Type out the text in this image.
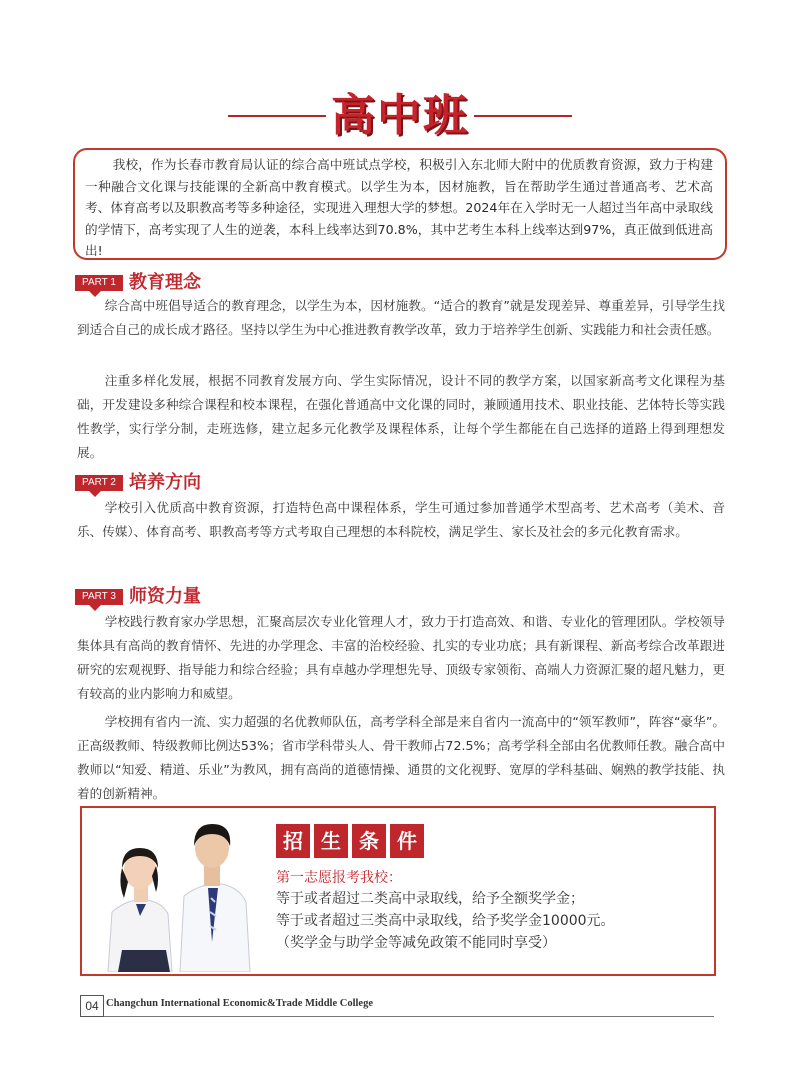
高中班

我校，作为长春市教育局认证的综合高中班试点学校，积极引入东北师大附中的优质教育资源，致力于构建一种融合文化课与技能课的全新高中教育模式。以学生为本，因材施教，旨在帮助学生通过普通高考、艺术高考、体育高考以及职教高考等多种途径，实现进入理想大学的梦想。2024年在入学时无一人超过当年高中录取线的学情下，高考实现了人生的逆袭，本科上线率达到70.8%，其中艺考生本科上线率达到97%，真正做到低进高出!

PART 1 教育理念

综合高中班倡导适合的教育理念，以学生为本，因材施教。“适合的教育”就是发现差异、尊重差异，引导学生找到适合自己的成长成才路径。坚持以学生为中心推进教育教学改革，致力于培养学生创新、实践能力和社会责任感。

注重多样化发展，根据不同教育发展方向、学生实际情况，设计不同的教学方案，以国家新高考文化课程为基础，开发建设多种综合课程和校本课程，在强化普通高中文化课的同时，兼顾通用技术、职业技能、艺体特长等实践性教学，实行学分制，走班选修，建立起多元化教学及课程体系，让每个学生都能在自己选择的道路上得到理想发展。

PART 2 培养方向

学校引入优质高中教育资源，打造特色高中课程体系，学生可通过参加普通学术型高考、艺术高考（美术、音乐、传媒）、体育高考、职教高考等方式考取自己理想的本科院校，满足学生、家长及社会的多元化教育需求。

PART 3 师资力量

学校践行教育家办学思想，汇聚高层次专业化管理人才，致力于打造高效、和谐、专业化的管理团队。学校领导集体具有高尚的教育情怀、先进的办学理念、丰富的治校经验、扎实的专业功底；具有新课程、新高考综合改革跟进研究的宏观视野、指导能力和综合经验；具有卓越办学理想先导、顶级专家领衔、高端人力资源汇聚的超凡魅力，更有较高的业内影响力和威望。

学校拥有省内一流、实力超强的名优教师队伍，高考学科全部是来自省内一流高中的“领军教师”，阵容“豪华”。正高级教师、特级教师比例达53%；省市学科带头人、骨干教师占72.5%；高考学科全部由名优教师任教。融合高中教师以“知爱、精道、乐业”为教风，拥有高尚的道德情操、通贯的文化视野、宽厚的学科基础、娴熟的教学技能、执着的创新精神。

招 生 条 件
第一志愿报考我校：
等于或者超过二类高中录取线，给予全额奖学金；
等于或者超过三类高中录取线，给予奖学金10000元。
（奖学金与助学金等减免政策不能同时享受）
04 Changchun International Economic&Trade Middle College
